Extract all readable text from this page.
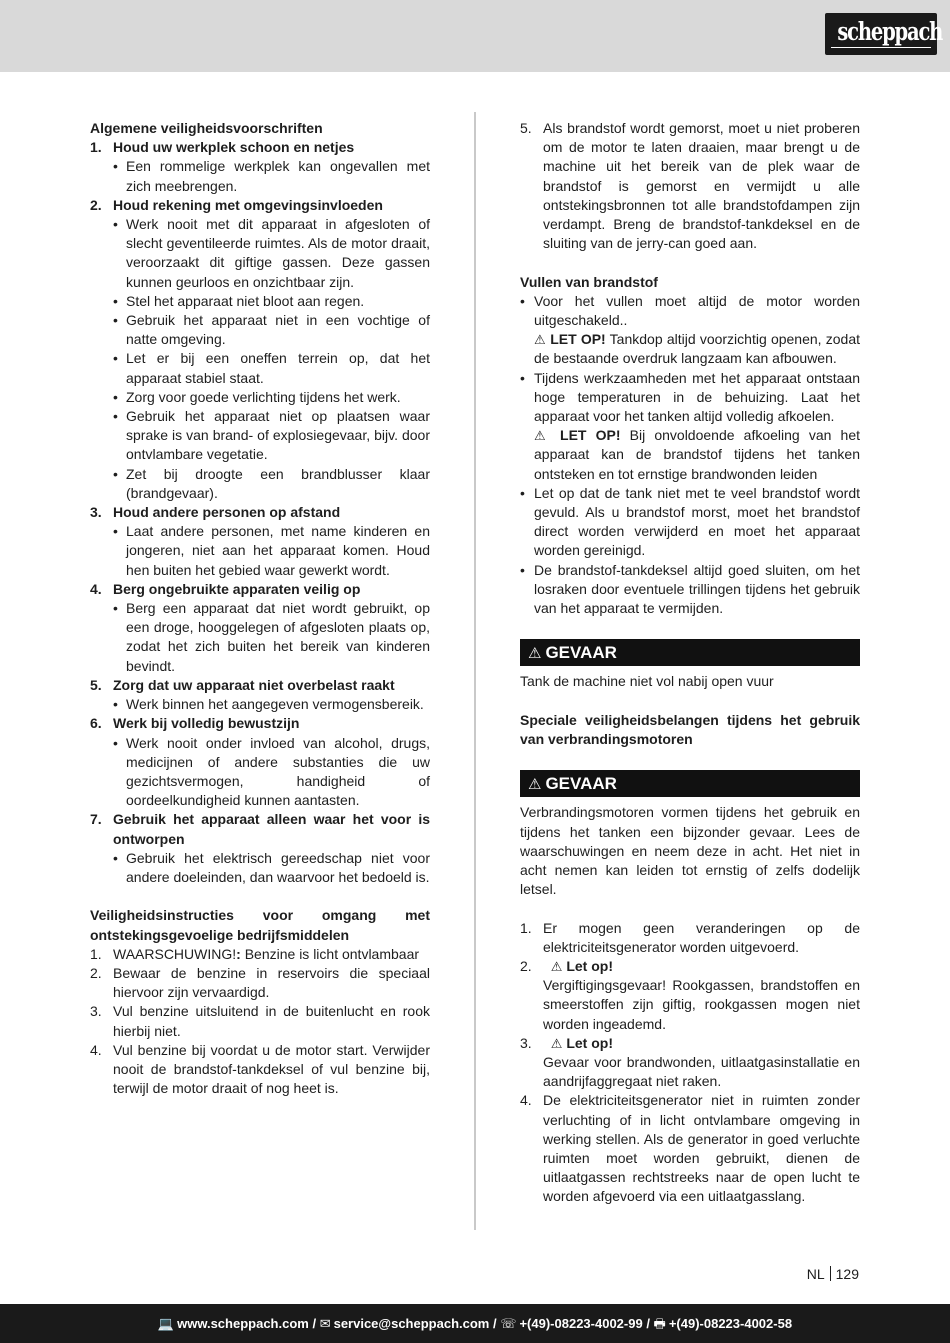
scheppach
Algemene veiligheidsvoorschriften
1. Houd uw werkplek schoon en netjes
• Een rommelige werkplek kan ongevallen met zich meebrengen.
2. Houd rekening met omgevingsinvloeden
• Werk nooit met dit apparaat in afgesloten of slecht geventileerde ruimtes. Als de motor draait, veroorzaakt dit giftige gassen. Deze gassen kunnen geurloos en onzichtbaar zijn.
• Stel het apparaat niet bloot aan regen.
• Gebruik het apparaat niet in een vochtige of natte omgeving.
• Let er bij een oneffen terrein op, dat het apparaat stabiel staat.
• Zorg voor goede verlichting tijdens het werk.
• Gebruik het apparaat niet op plaatsen waar sprake is van brand- of explosiegevaar, bijv. door ontvlambare vegetatie.
• Zet bij droogte een brandblusser klaar (brandgevaar).
3. Houd andere personen op afstand
• Laat andere personen, met name kinderen en jongeren, niet aan het apparaat komen. Houd hen buiten het gebied waar gewerkt wordt.
4. Berg ongebruikte apparaten veilig op
• Berg een apparaat dat niet wordt gebruikt, op een droge, hooggelegen of afgesloten plaats op, zodat het zich buiten het bereik van kinderen bevindt.
5. Zorg dat uw apparaat niet overbelast raakt
• Werk binnen het aangegeven vermogensbereik.
6. Werk bij volledig bewustzijn
• Werk nooit onder invloed van alcohol, drugs, medicijnen of andere substanties die uw gezichtsvermogen, handigheid of oordeelkundigheid kunnen aantasten.
7. Gebruik het apparaat alleen waar het voor is ontworpen
• Gebruik het elektrisch gereedschap niet voor andere doeleinden, dan waarvoor het bedoeld is.
Veiligheidsinstructies voor omgang met ontstekingsgevoelige bedrijfsmiddelen
1. WAARSCHUWING!: Benzine is licht ontvlambaar
2. Bewaar de benzine in reservoirs die speciaal hiervoor zijn vervaardigd.
3. Vul benzine uitsluitend in de buitenlucht en rook hierbij niet.
4. Vul benzine bij voordat u de motor start. Verwijder nooit de brandstof-tankdeksel of vul benzine bij, terwijl de motor draait of nog heet is.
5. Als brandstof wordt gemorst, moet u niet proberen om de motor te laten draaien, maar brengt u de machine uit het bereik van de plek waar de brandstof is gemorst en vermijdt u alle ontstekingsbronnen tot alle brandstofdampen zijn verdampt. Breng de brandstof-tankdeksel en de sluiting van de jerry-can goed aan.
Vullen van brandstof
• Voor het vullen moet altijd de motor worden uitgeschakeld..
⚠ LET OP! Tankdop altijd voorzichtig openen, zodat de bestaande overdruk langzaam kan afbouwen.
• Tijdens werkzaamheden met het apparaat ontstaan hoge temperaturen in de behuizing. Laat het apparaat voor het tanken altijd volledig afkoelen.
⚠ LET OP! Bij onvoldoende afkoeling van het apparaat kan de brandstof tijdens het tanken ontsteken en tot ernstige brandwonden leiden
• Let op dat de tank niet met te veel brandstof wordt gevuld. Als u brandstof morst, moet het brandstof direct worden verwijderd en moet het apparaat worden gereinigd.
• De brandstof-tankdeksel altijd goed sluiten, om het losraken door eventuele trillingen tijdens het gebruik van het apparaat te vermijden.
⚠ GEVAAR
Tank de machine niet vol nabij open vuur
Speciale veiligheidsbelangen tijdens het gebruik van verbrandingsmotoren
⚠ GEVAAR
Verbrandingsmotoren vormen tijdens het gebruik en tijdens het tanken een bijzonder gevaar. Lees de waarschuwingen en neem deze in acht. Het niet in acht nemen kan leiden tot ernstig of zelfs dodelijk letsel.
1. Er mogen geen veranderingen op de elektriciteitsgenerator worden uitgevoerd.
2. ⚠ Let op!
Vergiftigingsgevaar! Rookgassen, brandstoffen en smeerstoffen zijn giftig, rookgassen mogen niet worden ingeademd.
3. ⚠ Let op!
Gevaar voor brandwonden, uitlaatgasinstallatie en aandrijfaggregaat niet raken.
4. De elektriciteitsgenerator niet in ruimten zonder verluchting of in licht ontvlambare omgeving in werking stellen. Als de generator in goed verluchte ruimten moet worden gebruikt, dienen de uitlaatgassen rechtstreeks naar de open lucht te worden afgevoerd via een uitlaatgasslang.
NL 129
💻 www.scheppach.com / ✉ service@scheppach.com / ☏ +(49)-08223-4002-99 / 🖶 +(49)-08223-4002-58
